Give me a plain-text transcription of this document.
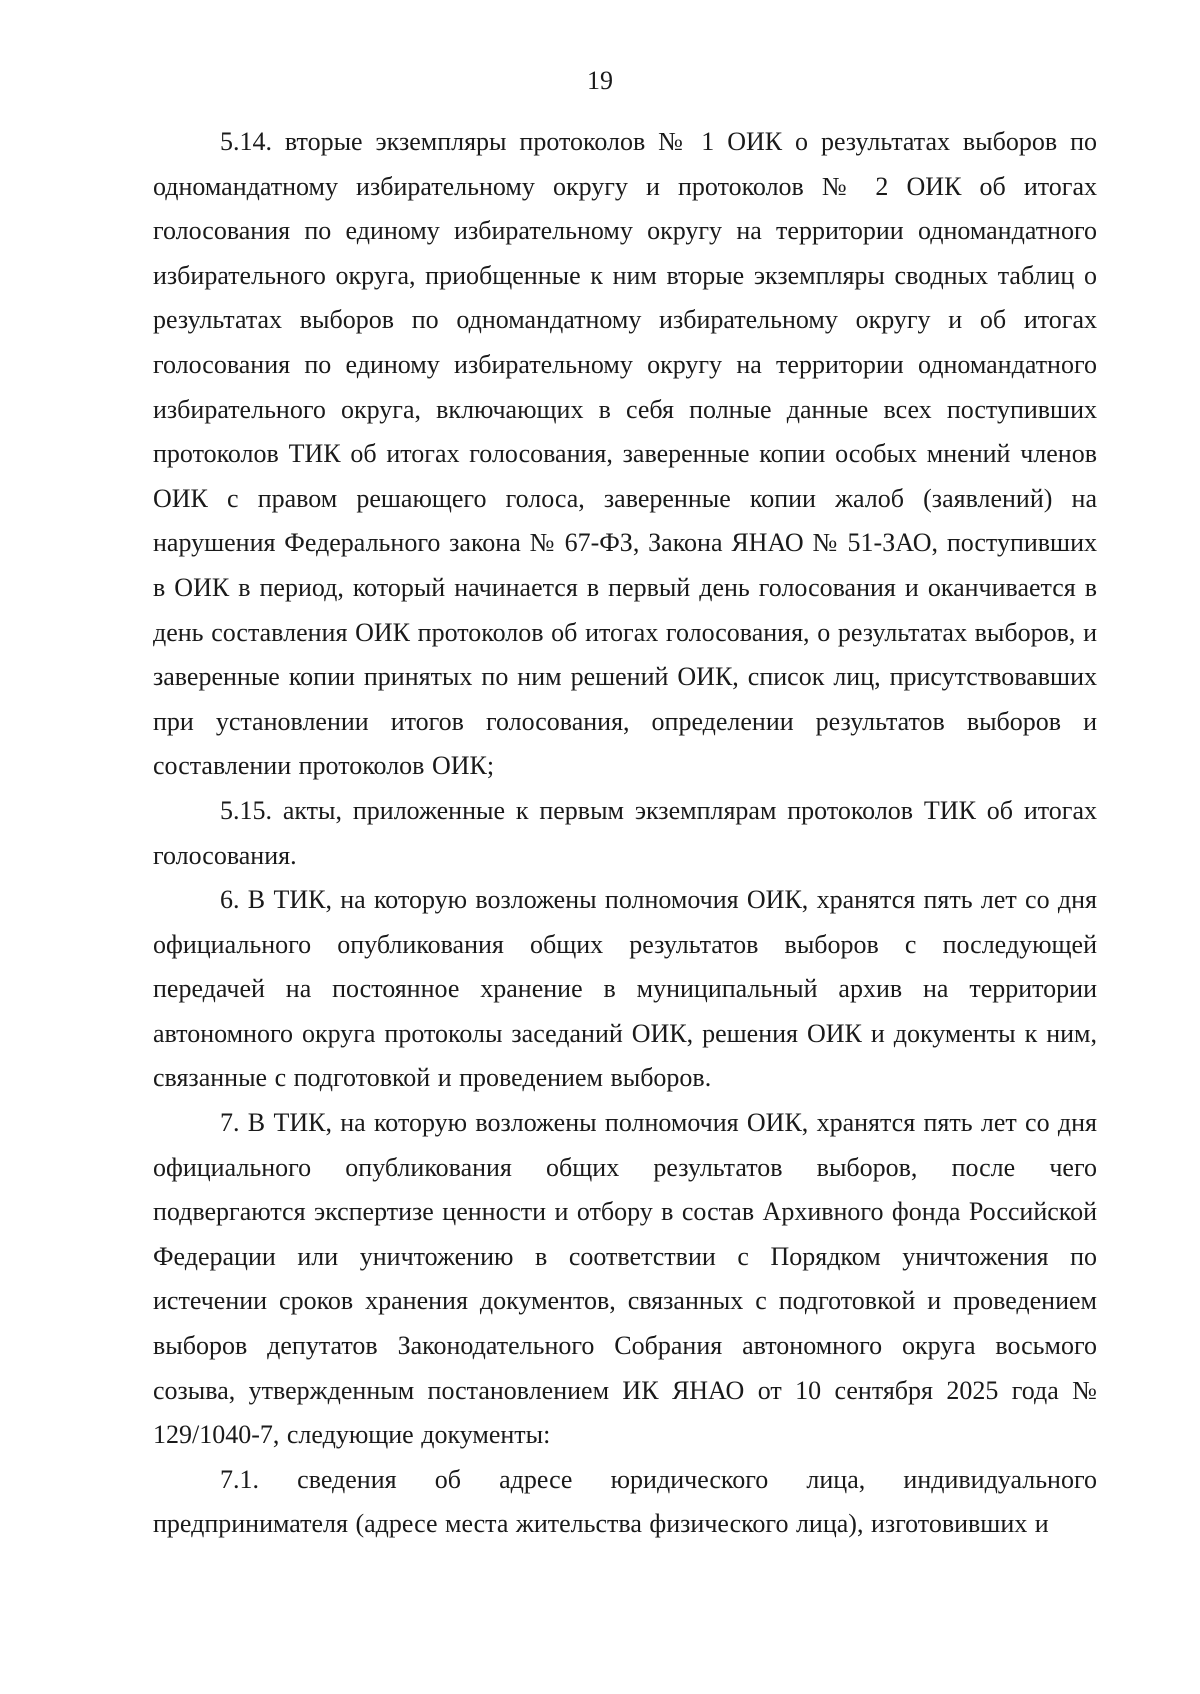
19

5.14. вторые экземпляры протоколов № 1 ОИК о результатах выборов по одномандатному избирательному округу и протоколов № 2 ОИК об итогах голосования по единому избирательному округу на территории одномандатного избирательного округа, приобщенные к ним вторые экземпляры сводных таблиц о результатах выборов по одномандатному избирательному округу и об итогах голосования по единому избирательному округу на территории одномандатного избирательного округа, включающих в себя полные данные всех поступивших протоколов ТИК об итогах голосования, заверенные копии особых мнений членов ОИК с правом решающего голоса, заверенные копии жалоб (заявлений) на нарушения Федерального закона № 67-ФЗ, Закона ЯНАО № 51-ЗАО, поступивших в ОИК в период, который начинается в первый день голосования и оканчивается в день составления ОИК протоколов об итогах голосования, о результатах выборов, и заверенные копии принятых по ним решений ОИК, список лиц, присутствовавших при установлении итогов голосования, определении результатов выборов и составлении протоколов ОИК;

5.15. акты, приложенные к первым экземплярам протоколов ТИК об итогах голосования.

6. В ТИК, на которую возложены полномочия ОИК, хранятся пять лет со дня официального опубликования общих результатов выборов с последующей передачей на постоянное хранение в муниципальный архив на территории автономного округа протоколы заседаний ОИК, решения ОИК и документы к ним, связанные с подготовкой и проведением выборов.

7. В ТИК, на которую возложены полномочия ОИК, хранятся пять лет со дня официального опубликования общих результатов выборов, после чего подвергаются экспертизе ценности и отбору в состав Архивного фонда Российской Федерации или уничтожению в соответствии с Порядком уничтожения по истечении сроков хранения документов, связанных с подготовкой и проведением выборов депутатов Законодательного Собрания автономного округа восьмого созыва, утвержденным постановлением ИК ЯНАО от 10 сентября 2025 года № 129/1040-7, следующие документы:

7.1. сведения об адресе юридического лица, индивидуального предпринимателя (адресе места жительства физического лица), изготовивших и
